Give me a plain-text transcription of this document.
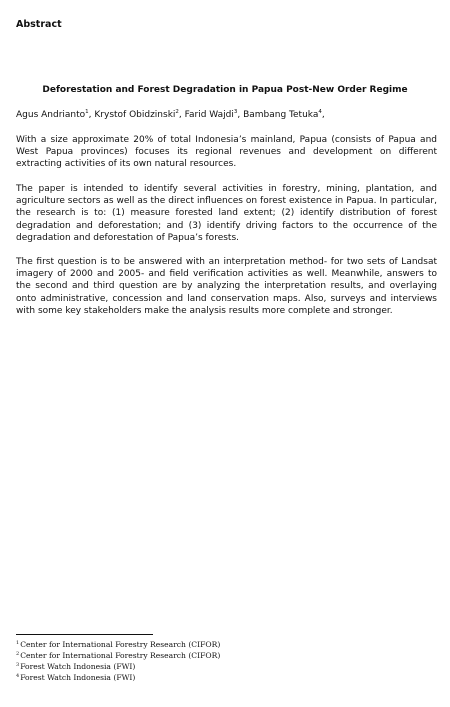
Abstract
Deforestation and Forest Degradation in Papua Post-New Order Regime
Agus Andrianto$^1$, Krystof Obidzinski$^2$, Farid Wajdi$^3$, Bambang Tetuka$^4$,

With a size approximate 20% of total Indonesia’s mainland, Papua (consists of Papua and West Papua provinces) focuses its regional revenues and development on different extracting activities of its own natural resources.

The paper is intended to identify several activities in forestry, mining, plantation, and agriculture sectors as well as the direct influences on forest existence in Papua. In particular, the research is to: (1) measure forested land extent; (2) identify distribution of forest degradation and deforestation; and (3) identify driving factors to the occurrence of the degradation and deforestation of Papua’s forests.

The first question is to be answered with an interpretation method- for two sets of Landsat imagery of 2000 and 2005- and field verification activities as well. Meanwhile, answers to the second and third question are by analyzing the interpretation results, and overlaying onto administrative, concession and land conservation maps. Also, surveys and interviews with some key stakeholders make the analysis results more complete and stronger.

$^1$Center for International Forestry Research (CIFOR)
$^2$Center for International Forestry Research (CIFOR)
$^3$Forest Watch Indonesia (FWI)
$^4$Forest Watch Indonesia (FWI)
